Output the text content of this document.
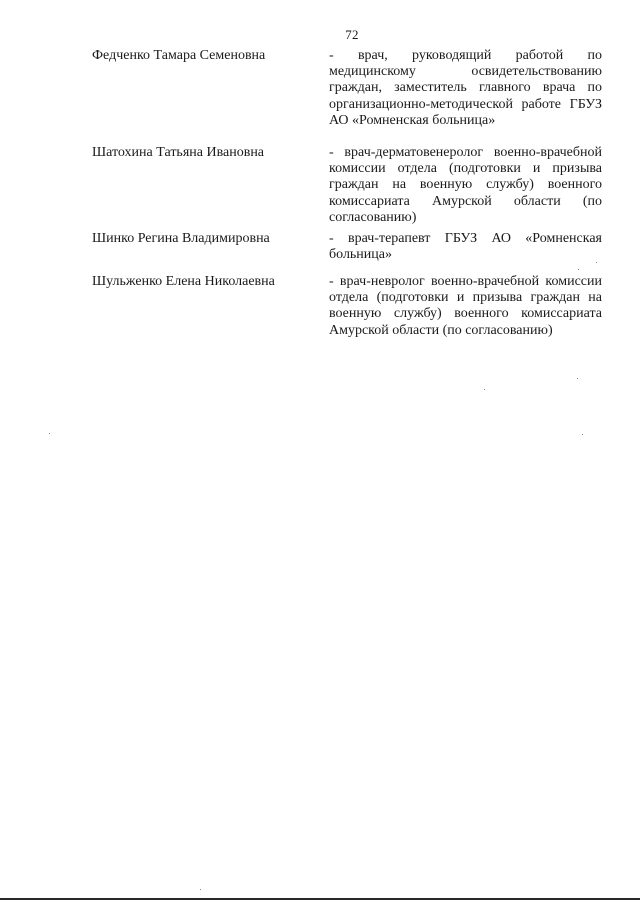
72
Федченко Тамара Семеновна	- врач, руководящий работой по медицинскому освидетельствованию граждан, заместитель главного врача по организационно-методической работе ГБУЗ АО «Ромненская больница»
Шатохина Татьяна Ивановна	- врач-дерматовенеролог военно-врачебной комиссии отдела (подготовки и призыва граждан на военную службу) военного комиссариата Амурской области (по согласованию)
Шинко Регина Владимировна	- врач-терапевт ГБУЗ АО «Ромненская больница»
Шульженко Елена Николаевна	- врач-невролог военно-врачебной комиссии отдела (подготовки и призыва граждан на военную службу) военного комиссариата Амурской области (по согласованию)
